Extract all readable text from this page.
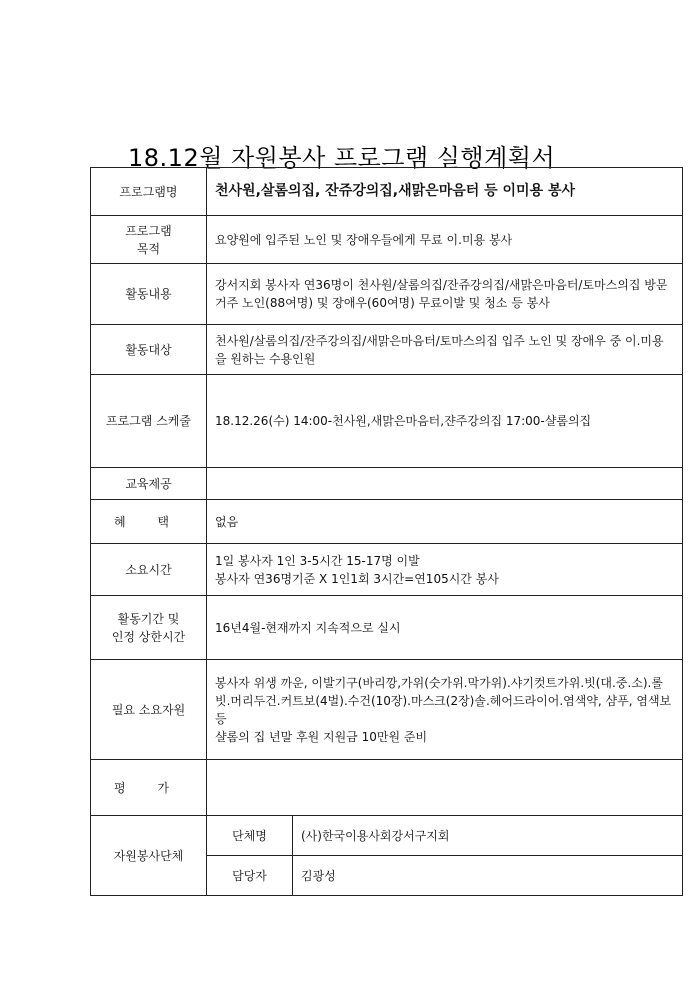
18.12월 자원봉사 프로그램 실행계획서
프로그램명	천사원,살롬의집, 잔쥬강의집,새맑은마음터 등 이미용 봉사	

프로그램
목적	요양원에 입주된 노인 및 장애우들에게 무료 이.미용 봉사	
활동내용	강서지회 봉사자 연36명이 천사원/살롬의집/잔쥬강의집/새맑은마음터/토마스의집 방문 거주 노인(88여명) 및 장애우(60여명) 무료이발 및 청소 등 봉사	
활동대상	천사원/살롬의집/잔주강의집/새맑은마음터/토마스의집 입주 노인 및 장애우 중 이.미용을 원하는 수용인원	
프로그램 스케줄	18.12.26(수) 14:00-천사원,새맑은마음터,쟌주강의집 17:00-샬롬의집	
교육제공		
혜 택	없음	
소요시간	1일 봉사자 1인 3-5시간 15-17명 이발
봉사자 연36명기준 X 1인1회 3시간=연105시간 봉사	

활동기간 및
인정 상한시간	16년4월-현재까지 지속적으로 실시	
필요 소요자원	봉사자 위생 까운, 이발기구(바리깡,가위(숫가위.막가위).샤기컷트가위.빗(대.중.소).롤빗.머리두건.커트보(4벌).수건(10장).마스크(2장)솔.헤어드라이어.염색약, 샴푸, 염색보 등
샬롬의 집 년말 후원 지원금 10만원 준비	

평 가		
자원봉사단체	단체명	(사)한국이용사회강서구지회
	담당자	김광성
